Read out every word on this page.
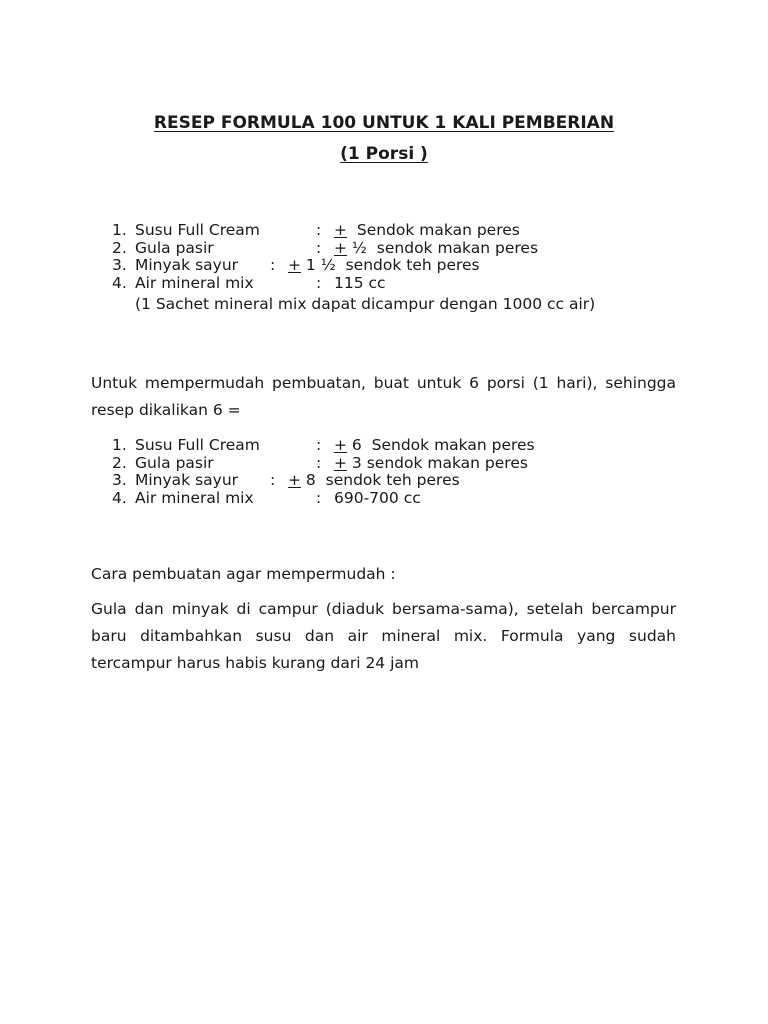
RESEP FORMULA 100 UNTUK 1 KALI PEMBERIAN
(1 Porsi )
1. Susu Full Cream	: +  Sendok makan peres
2. Gula pasir	: + ½  sendok makan peres
3. Minyak sayur : + 1 ½  sendok teh peres
4. Air mineral mix	: 115 cc
(1 Sachet mineral mix dapat dicampur dengan 1000 cc air)
Untuk mempermudah pembuatan, buat untuk 6 porsi (1 hari), sehingga resep dikalikan 6 =
1. Susu Full Cream	: + 6  Sendok makan peres
2. Gula pasir	: + 3 sendok makan peres
3. Minyak sayur : + 8  sendok teh peres
4. Air mineral mix	: 690-700 cc
Cara pembuatan agar mempermudah :
Gula dan minyak di campur (diaduk bersama-sama), setelah bercampur baru ditambahkan susu dan air mineral mix. Formula yang sudah tercampur harus habis kurang dari 24 jam
